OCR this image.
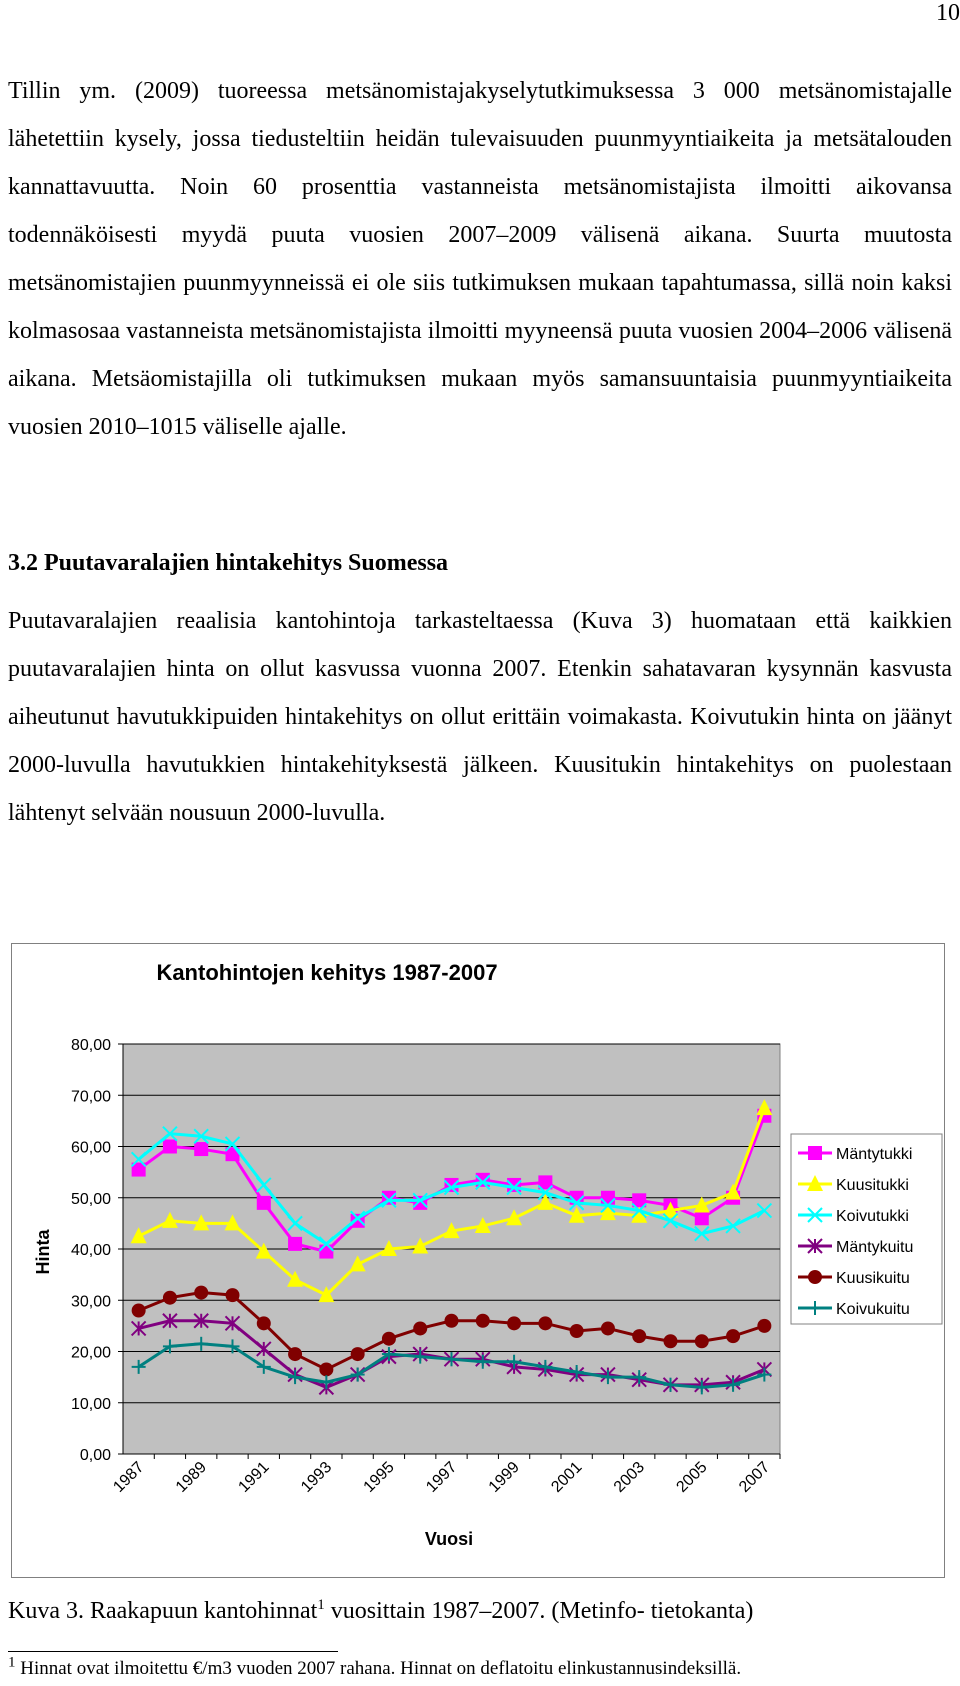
10

Tillin ym. (2009) tuoreessa metsänomistajakyselytutkimuksessa 3 000 metsänomistajalle lähetettiin kysely, jossa tiedusteltiin heidän tulevaisuuden puunmyyntiaikeita ja metsätalouden kannattavuutta. Noin 60 prosenttia vastanneista metsänomistajista ilmoitti aikovansa todennäköisesti myydä puuta vuosien 2007–2009 välisenä aikana. Suurta muutosta metsänomistajien puunmyynneissä ei ole siis tutkimuksen mukaan tapahtumassa, sillä noin kaksi kolmasosaa vastanneista metsänomistajista ilmoitti myyneensä puuta vuosien 2004–2006 välisenä aikana. Metsäomistajilla oli tutkimuksen mukaan myös samansuuntaisia puunmyyntiaikeita vuosien 2010–1015 väliselle ajalle.

3.2 Puutavaralajien hintakehitys Suomessa

Puutavaralajien reaalisia kantohintoja tarkasteltaessa (Kuva 3) huomataan että kaikkien puutavaralajien hinta on ollut kasvussa vuonna 2007. Etenkin sahatavaran kysynnän kasvusta aiheutunut havutukkipuiden hintakehitys on ollut erittäin voimakasta. Koivutukin hinta on jäänyt 2000-luvulla havutukkien hintakehityksestä jälkeen. Kuusitukin hintakehitys on puolestaan lähtenyt selvään nousuun 2000-luvulla.

Kantohintojen kehitys 1987-2007
Hinta
Vuosi
0,00
10,00
20,00
30,00
40,00
50,00
60,00
70,00
80,00
1987 1989 1991 1993 1995 1997 1999 2001 2003 2005 2007
Mäntytukki
Kuusitukki
Koivutukki
Mäntykuitu
Kuusikuitu
Koivukuitu
Kuva 3. Raakapuun kantohinnat$^1$ vuosittain 1987–2007. (Metinfo- tietokanta)
$^1$ Hinnat ovat ilmoitettu €/m3 vuoden 2007 rahana. Hinnat on deflatoitu elinkustannusindeksillä.
